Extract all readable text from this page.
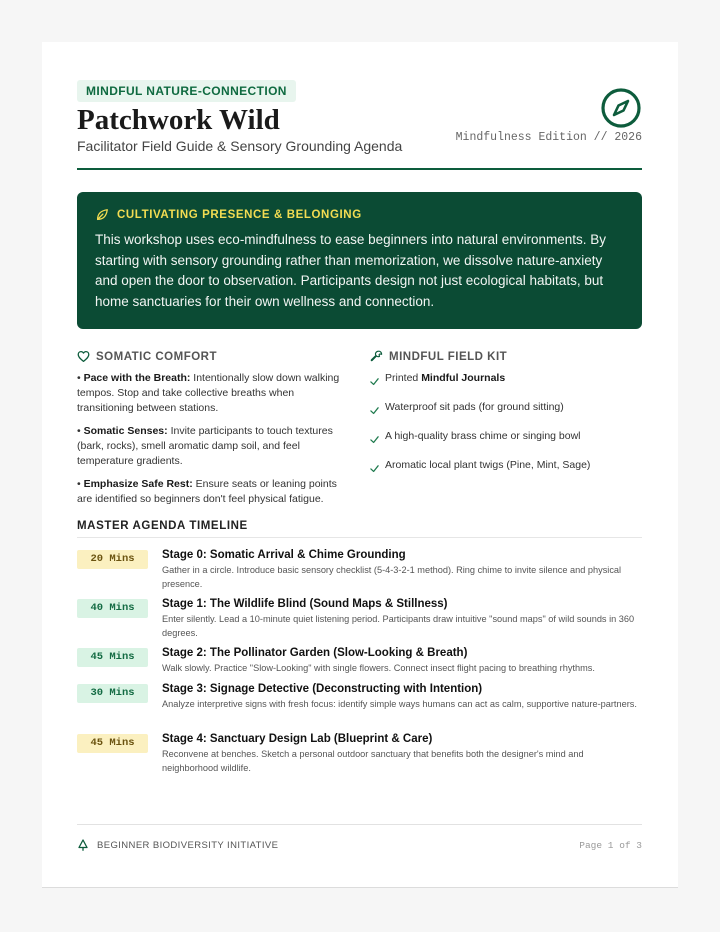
MINDFUL NATURE-CONNECTION
Patchwork Wild
Facilitator Field Guide & Sensory Grounding Agenda
Mindfulness Edition // 2026
CULTIVATING PRESENCE & BELONGING
This workshop uses eco-mindfulness to ease beginners into natural environments. By starting with sensory grounding rather than memorization, we dissolve nature-anxiety and open the door to observation. Participants design not just ecological habitats, but home sanctuaries for their own wellness and connection.
SOMATIC COMFORT
• Pace with the Breath: Intentionally slow down walking tempos. Stop and take collective breaths when transitioning between stations.
• Somatic Senses: Invite participants to touch textures (bark, rocks), smell aromatic damp soil, and feel temperature gradients.
• Emphasize Safe Rest: Ensure seats or leaning points are identified so beginners don't feel physical fatigue.
MINDFUL FIELD KIT
Printed Mindful Journals
Waterproof sit pads (for ground sitting)
A high-quality brass chime or singing bowl
Aromatic local plant twigs (Pine, Mint, Sage)
MASTER AGENDA TIMELINE
20 Mins	Stage 0: Somatic Arrival & Chime Grounding
Gather in a circle. Introduce basic sensory checklist (5-4-3-2-1 method). Ring chime to invite silence and physical presence.
40 Mins	Stage 1: The Wildlife Blind (Sound Maps & Stillness)
Enter silently. Lead a 10-minute quiet listening period. Participants draw intuitive "sound maps" of wild sounds in 360 degrees.
45 Mins	Stage 2: The Pollinator Garden (Slow-Looking & Breath)
Walk slowly. Practice "Slow-Looking" with single flowers. Connect insect flight pacing to breathing rhythms.
30 Mins	Stage 3: Signage Detective (Deconstructing with Intention)
Analyze interpretive signs with fresh focus: identify simple ways humans can act as calm, supportive nature-partners.
45 Mins	Stage 4: Sanctuary Design Lab (Blueprint & Care)
Reconvene at benches. Sketch a personal outdoor sanctuary that benefits both the designer's mind and neighborhood wildlife.
BEGINNER BIODIVERSITY INITIATIVE	Page 1 of 3
